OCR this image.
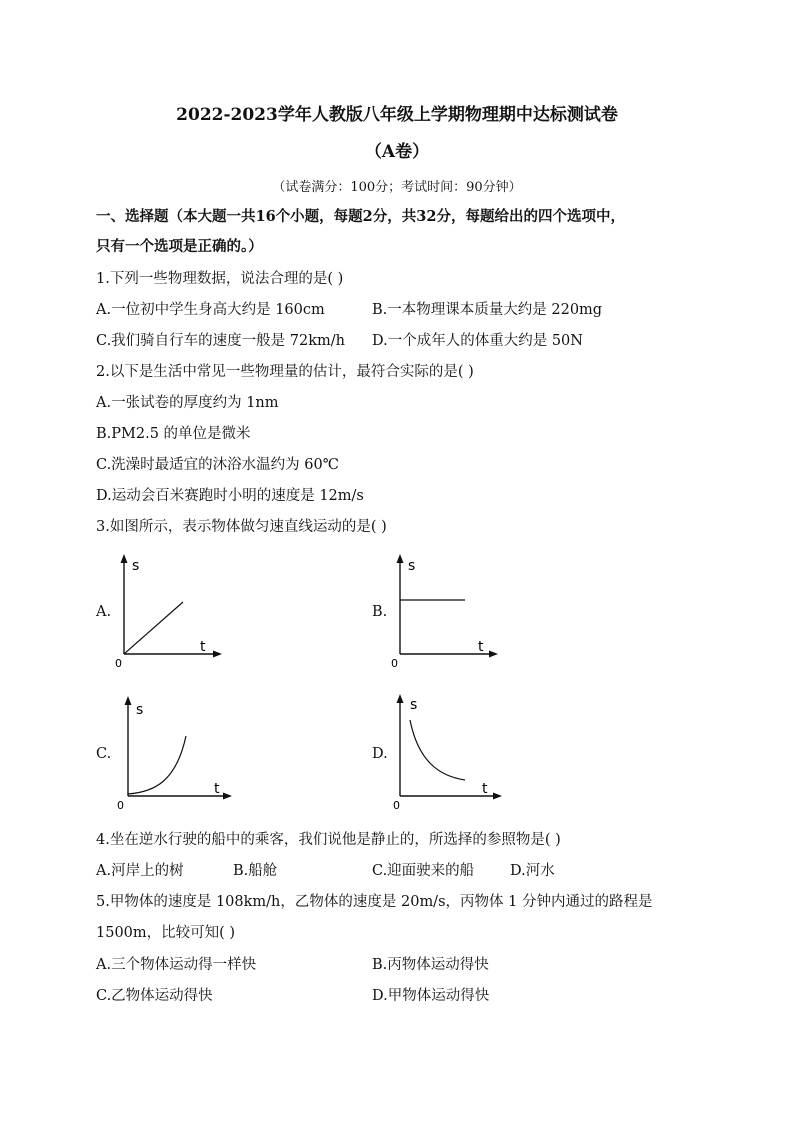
2022-2023学年人教版八年级上学期物理期中达标测试卷
（A卷）
（试卷满分：100分；考试时间：90分钟）
一、选择题（本大题一共16个小题，每题2分，共32分，每题给出的四个选项中，
只有一个选项是正确的。）
1.下列一些物理数据，说法合理的是( )
A.一位初中学生身高大约是 160cm	B.一本物理课本质量大约是 220mg
C.我们骑自行车的速度一般是 72km/h D.一个成年人的体重大约是 50N
2.以下是生活中常见一些物理量的估计，最符合实际的是( )
A.一张试卷的厚度约为 1nm
B.PM2.5 的单位是微米
C.洗澡时最适宜的沐浴水温约为 60℃
D.运动会百米赛跑时小明的速度是 12m/s
3.如图所示，表示物体做匀速直线运动的是( )
A.
s
t
0
B.
s
t
0
C.
s
t
0
D.
s
t
0
4.坐在逆水行驶的船中的乘客，我们说他是静止的，所选择的参照物是( )
A.河岸上的树	B.船舱	C.迎面驶来的船 D.河水
5.甲物体的速度是 108km/h，乙物体的速度是 20m/s，丙物体 1 分钟内通过的路程是
1500m，比较可知( )
A.三个物体运动得一样快	B.丙物体运动得快
C.乙物体运动得快	D.甲物体运动得快
